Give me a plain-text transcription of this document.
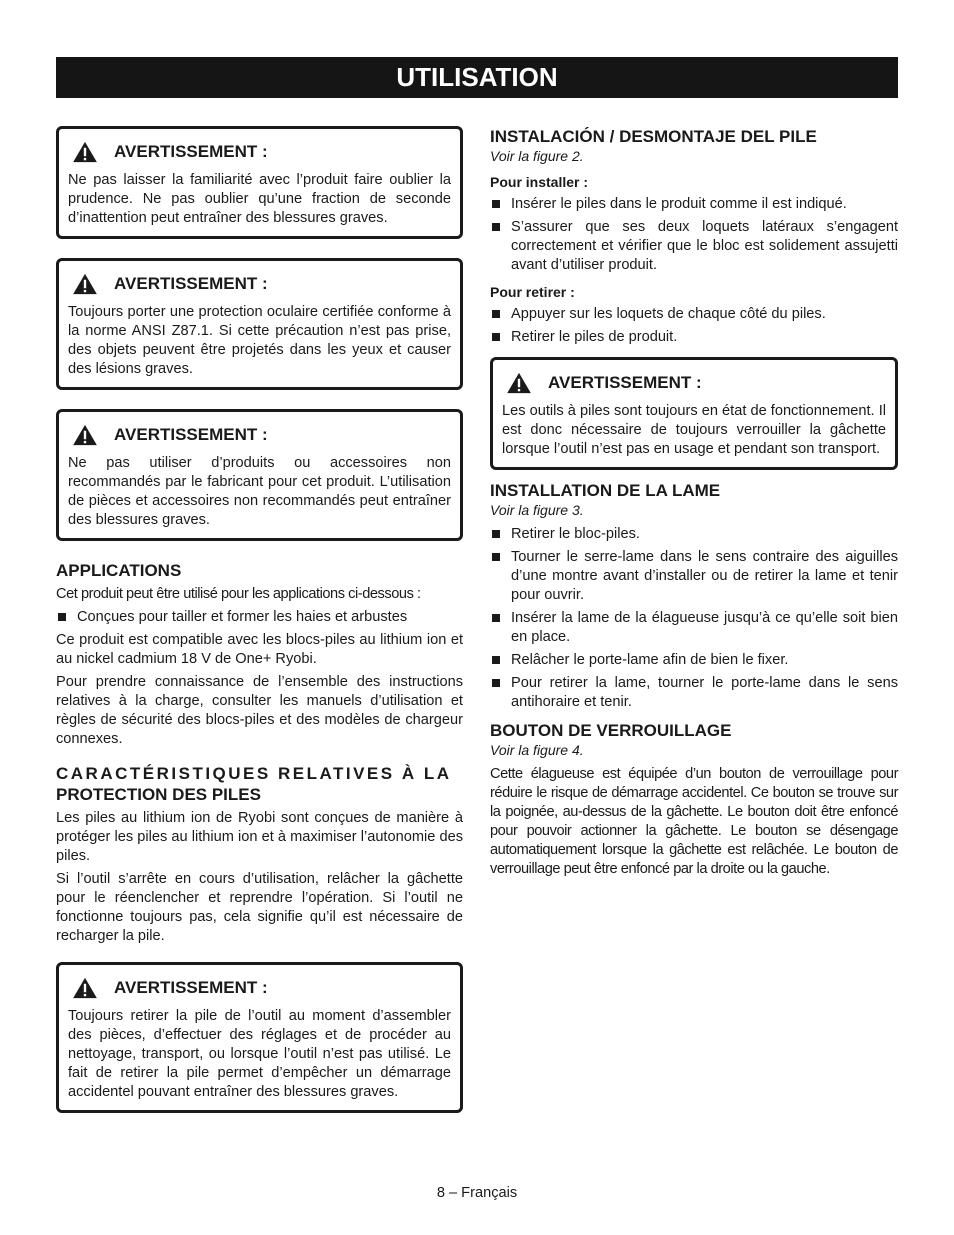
UTILISATION
AVERTISSEMENT :
Ne pas laisser la familiarité avec l’produit faire oublier la prudence. Ne pas oublier qu’une fraction de seconde d’inattention peut entraîner des blessures graves.
AVERTISSEMENT :
Toujours porter une protection oculaire certifiée conforme à la norme ANSI Z87.1. Si cette précaution n’est pas prise, des objets peuvent être projetés dans les yeux et causer des lésions graves.
AVERTISSEMENT :
Ne pas utiliser d’produits ou accessoires non recommandés par le fabricant pour cet produit. L’utilisation de pièces et accessoires non recommandés peut entraîner des blessures graves.
APPLICATIONS

Cet produit peut être utilisé pour les applications ci-dessous :

Conçues pour tailler et former les haies et arbustes

Ce produit est compatible avec les blocs-piles au lithium ion et au nickel cadmium 18 V de One+ Ryobi.

Pour prendre connaissance de l’ensemble des instructions relatives à la charge, consulter les manuels d’utilisation et règles de sécurité des blocs-piles et des modèles de chargeur connexes.

CARACTÉRISTIQUES RELATIVES À LA
PROTECTION DES PILES

Les piles au lithium ion de Ryobi sont conçues de manière à protéger les piles au lithium ion et à maximiser l’autonomie des piles.

Si l’outil s’arrête en cours d’utilisation, relâcher la gâchette pour le réenclencher et reprendre l’opération. Si l’outil ne fonctionne toujours pas, cela signifie qu’il est nécessaire de recharger la pile.

AVERTISSEMENT :
Toujours retirer la pile de l’outil au moment d’assembler des pièces, d’effectuer des réglages et de procéder au nettoyage, transport, ou lorsque l’outil n’est pas utilisé. Le fait de retirer la pile permet d’empêcher un démarrage accidentel pouvant entraîner des blessures graves.
INSTALACIÓN / DESMONTAJE DEL PILE
Voir la figure 2.
Pour installer :
Insérer le piles dans le produit comme il est indiqué.
S’assurer que ses deux loquets latéraux s’engagent correctement et vérifier que le bloc est solidement assujetti avant d’utiliser produit.
Pour retirer :
Appuyer sur les loquets de chaque côté du piles.
Retirer le piles de produit.
AVERTISSEMENT :
Les outils à piles sont toujours en état de fonctionnement. Il est donc nécessaire de toujours verrouiller la gâchette lorsque l’outil n’est pas en usage et pendant son transport.
INSTALLATION DE LA LAME
Voir la figure 3.
Retirer le bloc-piles.
Tourner le serre-lame dans le sens contraire des aiguilles d’une montre avant d’installer ou de retirer la lame et tenir pour ouvrir.
Insérer la lame de la élagueuse jusqu’à ce qu’elle soit bien en place.
Relâcher le porte-lame afin de bien le fixer.
Pour retirer la lame, tourner le porte-lame dans le sens antihoraire et tenir.
BOUTON DE VERROUILLAGE
Voir la figure 4.

Cette élagueuse est équipée d’un bouton de verrouillage pour réduire le risque de démarrage accidentel. Ce bouton se trouve sur la poignée, au-dessus de la gâchette. Le bouton doit être enfoncé pour pouvoir actionner la gâchette. Le bouton se désengage automatiquement lorsque la gâchette est relâchée. Le bouton de verrouillage peut être enfoncé par la droite ou la gauche.

8 – Français
